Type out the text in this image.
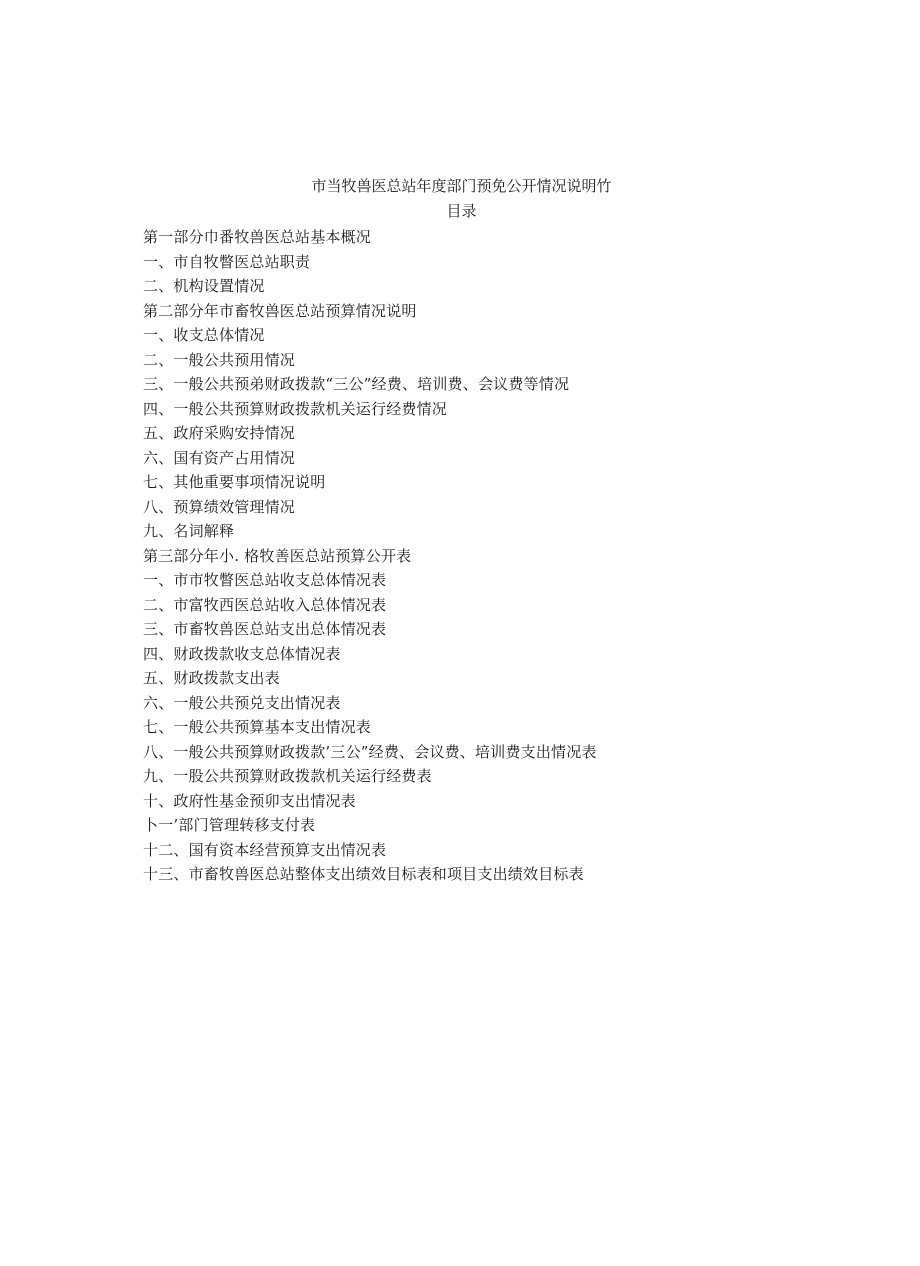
市当牧兽医总站年度部门预免公开情况说明竹
目录
第一部分巾番牧兽医总站基本概况
一、市自牧瞥医总站职责
二、机构设置情况
第二部分年市畜牧兽医总站预算情况说明
一、收支总体情况
二、一般公共预用情况
三、一般公共预弟财政拨款“三公”经费、培训费、会议费等情况
四、一般公共预算财政拨款机关运行经费情况
五、政府采购安持情况
六、国有资产占用情况
七、其他重要事项情况说明
八、预算绩效管理情况
九、名词解释
第三部分年小. 格牧善医总站预算公开表
一、市市牧瞥医总站收支总体情况表
二、市富牧西医总站收入总体情况表
三、市畜牧兽医总站支出总体情况表
四、财政拨款收支总体情况表
五、财政拨款支出表
六、一般公共预兑支出情况表
七、一般公共预算基本支出情况表
八、一般公共预算财政拨款’三公”经费、会议费、培训费支出情况表
九、一股公共预算财政拨款机关运行经费表
十、政府性基金预卯支出情况表
卜一’部门管理转移支付表
十二、国有资本经营预算支出情况表
十三、市畜牧兽医总站整体支出绩效目标表和项目支出绩效目标表
